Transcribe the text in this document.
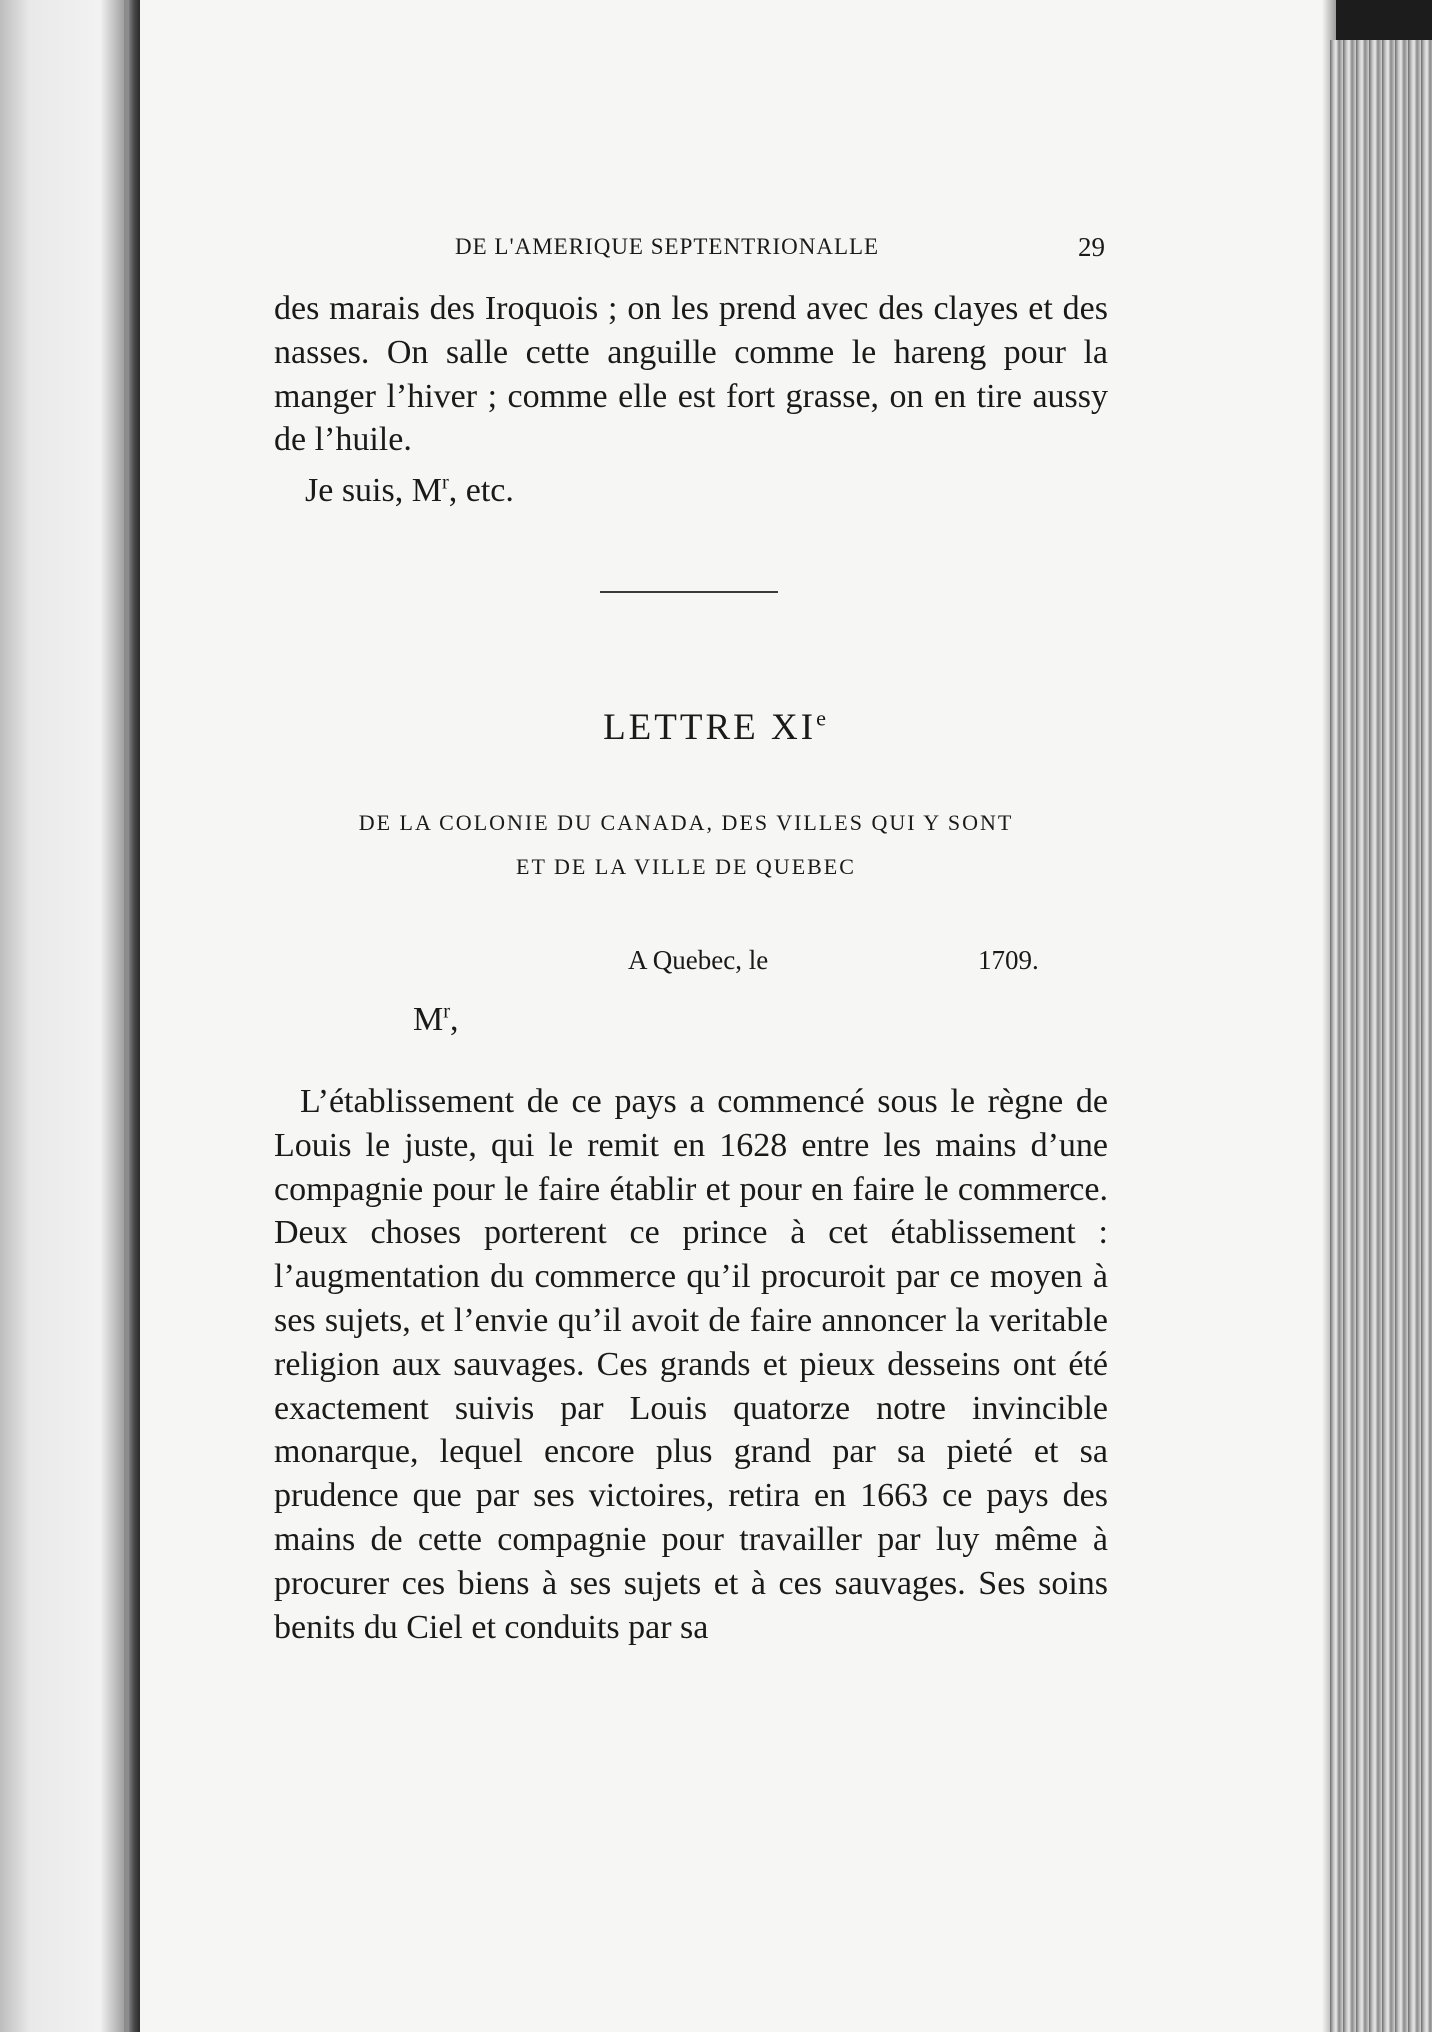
DE L'AMERIQUE SEPTENTRIONALLE	29

des marais des Iroquois ; on les prend avec des clayes et des nasses. On salle cette anguille comme le hareng pour la manger l’hiver ; comme elle est fort grasse, on en tire aussy de l’huile.

Je suis, $M^r$, etc.
LETTRE XIe
DE LA COLONIE DU CANADA, DES VILLES QUI Y SONT
ET DE LA VILLE DE QUEBEC
A Quebec, le	1709.
$M^r$,

L’établissement de ce pays a commencé sous le règne de Louis le juste, qui le remit en 1628 entre les mains d’une compagnie pour le faire établir et pour en faire le commerce. Deux choses porterent ce prince à cet établissement : l’augmentation du commerce qu’il procuroit par ce moyen à ses sujets, et l’envie qu’il avoit de faire annoncer la veritable religion aux sauvages. Ces grands et pieux desseins ont été exactement suivis par Louis quatorze notre invincible monarque, lequel encore plus grand par sa pieté et sa prudence que par ses victoires, retira en 1663 ce pays des mains de cette compagnie pour travailler par luy même à procurer ces biens à ses sujets et à ces sauvages. Ses soins benits du Ciel et conduits par sa
